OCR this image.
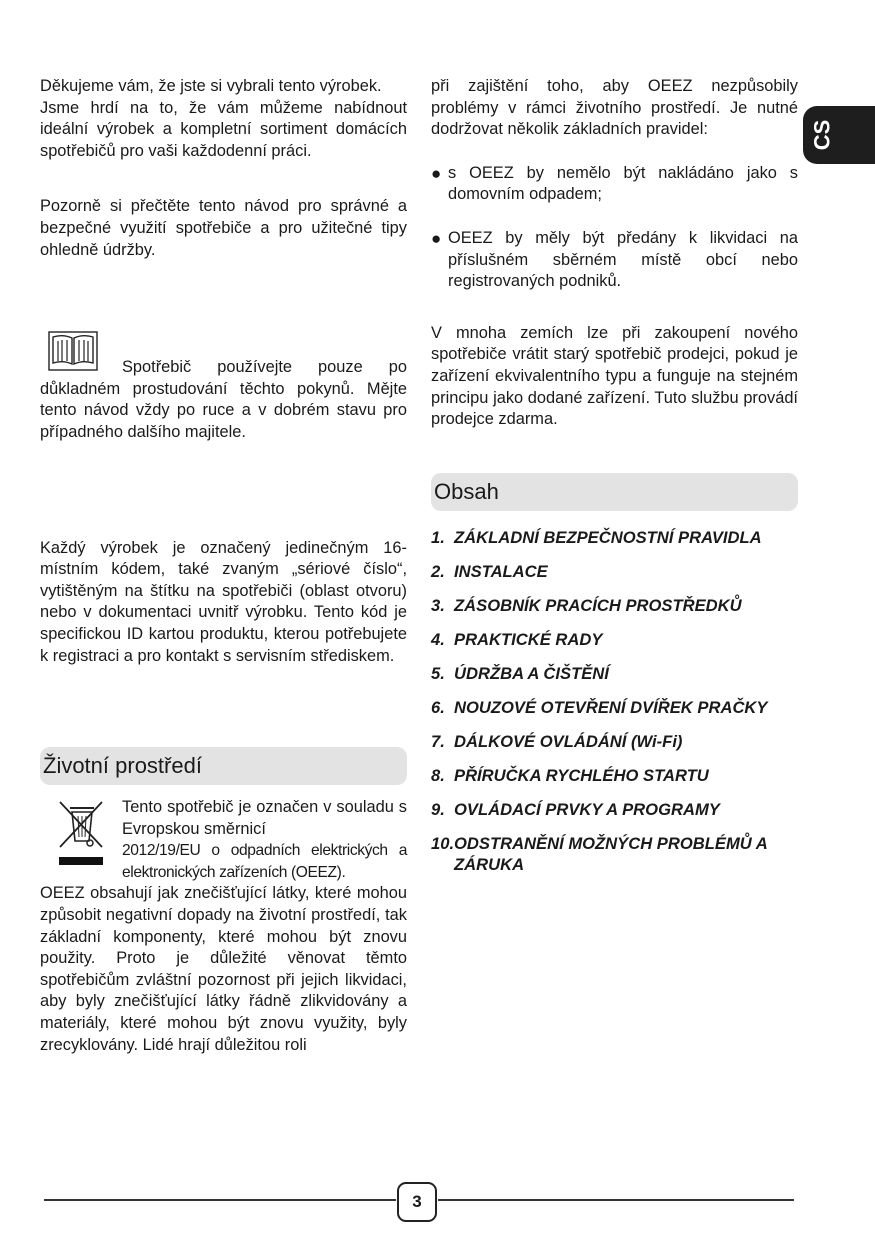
CS

Děkujeme vám, že jste si vybrali tento výrobek.

Jsme hrdí na to, že vám můžeme nabídnout ideální výrobek a kompletní sortiment domácích spotřebičů pro vaši každodenní práci.

Pozorně si přečtěte tento návod pro správné a bezpečné využití spotřebiče a pro užitečné tipy ohledně údržby.

Spotřebič používejte pouze po důkladném prostudování těchto pokynů. Mějte tento návod vždy po ruce a v dobrém stavu pro případného dalšího majitele.

Každý výrobek je označený jedinečným 16-místním kódem, také zvaným „sériové číslo“, vytištěným na štítku na spotřebiči (oblast otvoru) nebo v dokumentaci uvnitř výrobku. Tento kód je specifickou ID kartou produktu, kterou potřebujete k registraci a pro kontakt s servisním střediskem.

Životní prostředí

Tento spotřebič je označen v souladu s Evropskou směrnicí

2012/19/EU o odpadních elektrických a elektronických zařízeních (OEEZ).

OEEZ obsahují jak znečišťující látky, které mohou způsobit negativní dopady na životní prostředí, tak základní komponenty, které mohou být znovu použity. Proto je důležité věnovat těmto spotřebičům zvláštní pozornost při jejich likvidaci, aby byly znečišťující látky řádně zlikvidovány a materiály, které mohou být znovu využity, byly zrecyklovány. Lidé hrají důležitou roli

při zajištění toho, aby OEEZ nezpůsobily problémy v rámci životního prostředí. Je nutné dodržovat několik základních pravidel:

● s OEEZ by nemělo být nakládáno jako s domovním odpadem;

● OEEZ by měly být předány k likvidaci na příslušném sběrném místě obcí nebo registrovaných podniků.

V mnoha zemích lze při zakoupení nového spotřebiče vrátit starý spotřebič prodejci, pokud je zařízení ekvivalentního typu a funguje na stejném principu jako dodané zařízení. Tuto službu provádí prodejce zdarma.

Obsah
1. ZÁKLADNÍ BEZPEČNOSTNÍ PRAVIDLA
2. INSTALACE
3. ZÁSOBNÍK PRACÍCH PROSTŘEDKŮ
4. PRAKTICKÉ RADY
5. ÚDRŽBA A ČIŠTĚNÍ
6. NOUZOVÉ OTEVŘENÍ DVÍŘEK PRAČKY
7. DÁLKOVÉ OVLÁDÁNÍ (Wi-Fi)
8. PŘÍRUČKA RYCHLÉHO STARTU
9. OVLÁDACÍ PRVKY A PROGRAMY
10. ODSTRANĚNÍ MOŽNÝCH PROBLÉMŮ A ZÁRUKA
3
